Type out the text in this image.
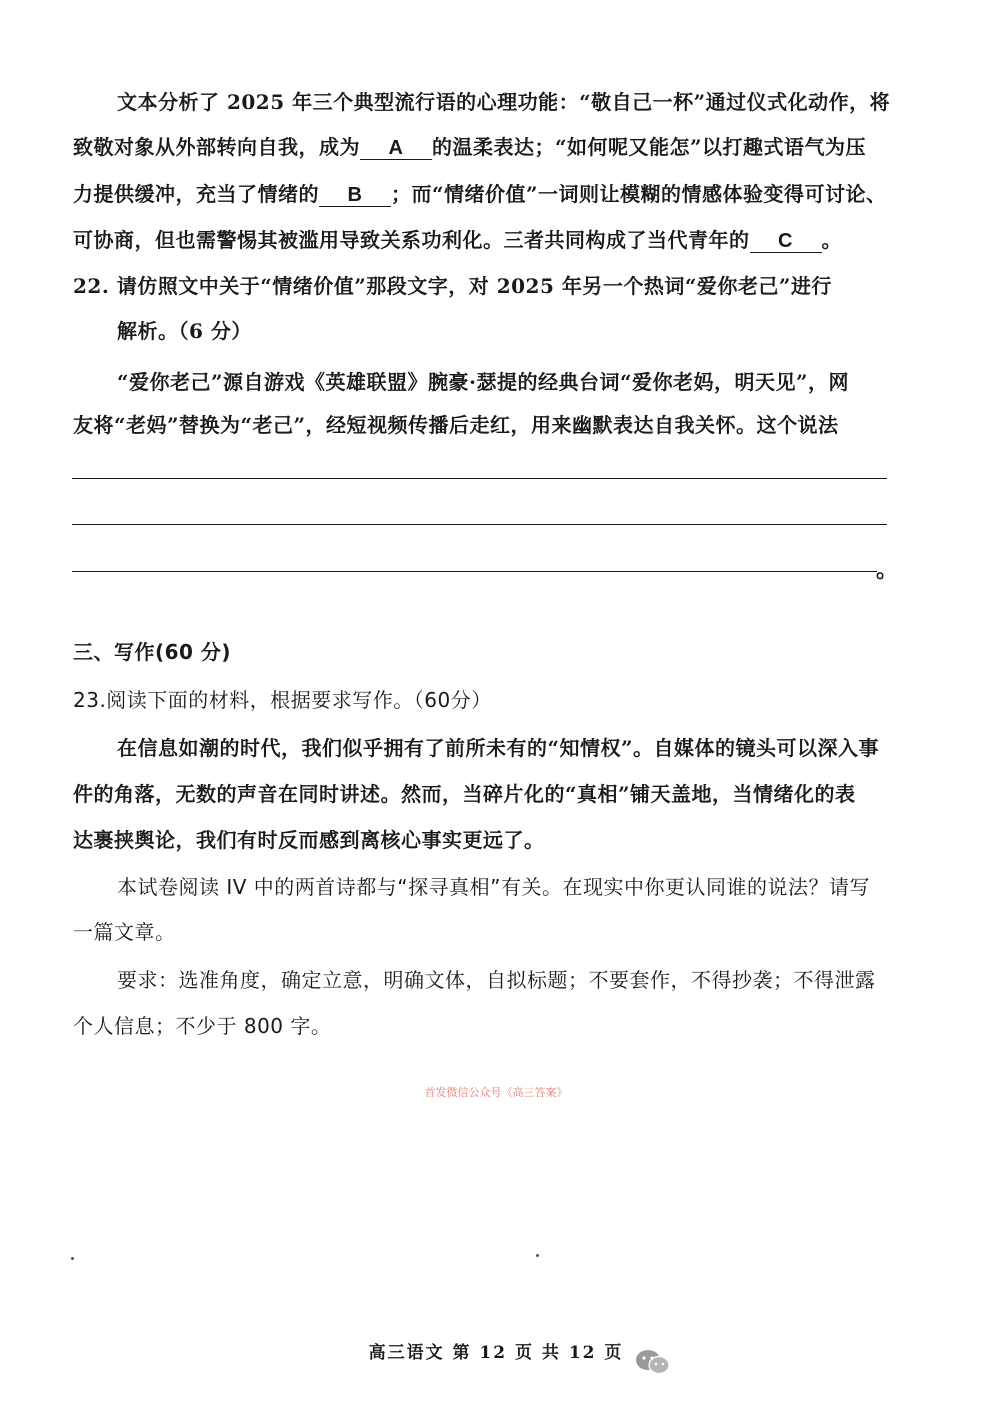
文本分析了 2025 年三个典型流行语的心理功能：“敬自己一杯”通过仪式化动作，将
致敬对象从外部转向自我，成为 A 的温柔表达；“如何呢又能怎”以打趣式语气为压
力提供缓冲，充当了情绪的 B ；而“情绪价值”一词则让模糊的情感体验变得可讨论、
可协商，但也需警惕其被滥用导致关系功利化。三者共同构成了当代青年的 C 。
22. 请仿照文中关于“情绪价值”那段文字，对 2025 年另一个热词“爱你老己”进行
解析。（6 分）
“爱你老己”源自游戏《英雄联盟》腕豪·瑟提的经典台词“爱你老妈，明天见”，网
友将“老妈”替换为“老己”，经短视频传播后走红，用来幽默表达自我关怀。这个说法
。
三、写作(60 分)
23.阅读下面的材料，根据要求写作。（60分）
在信息如潮的时代，我们似乎拥有了前所未有的“知情权”。自媒体的镜头可以深入事
件的角落，无数的声音在同时讲述。然而，当碎片化的“真相”铺天盖地，当情绪化的表
达裹挟舆论，我们有时反而感到离核心事实更远了。
本试卷阅读 IV 中的两首诗都与“探寻真相”有关。在现实中你更认同谁的说法？请写
一篇文章。
要求：选准角度，确定立意，明确文体，自拟标题；不要套作，不得抄袭；不得泄露
个人信息；不少于 800 字。
首发微信公众号《高三答案》
高三语文 第 12 页 共 12 页
